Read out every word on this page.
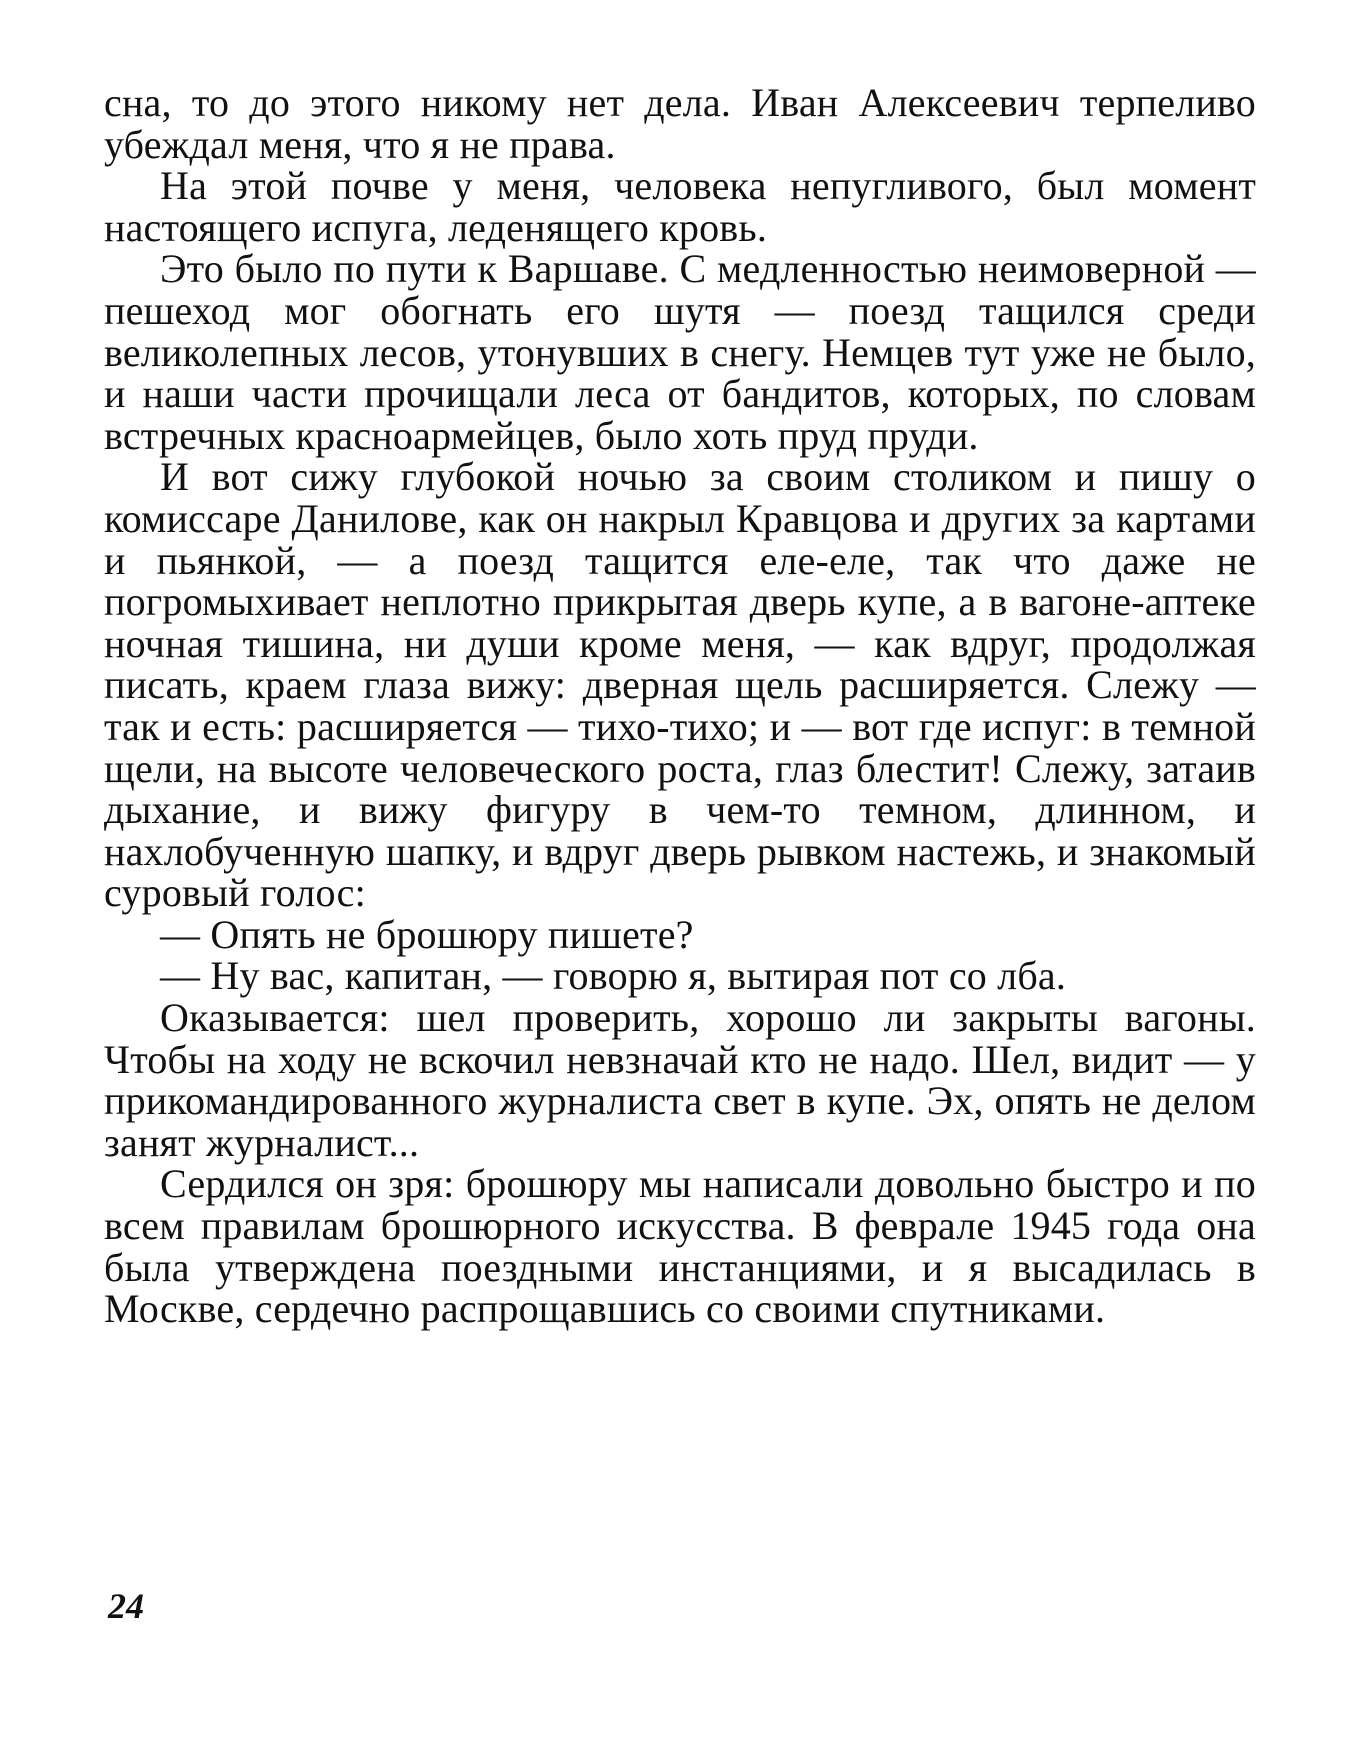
сна, то до этого никому нет дела. Иван Алексеевич терпеливо убеждал меня, что я не права.

На этой почве у меня, человека непугливого, был момент настоящего испуга, леденящего кровь.

Это было по пути к Варшаве. С медленностью неимоверной — пешеход мог обогнать его шутя — поезд тащился среди великолепных лесов, утонувших в снегу. Немцев тут уже не было, и наши части прочищали леса от бандитов, которых, по словам встречных красноармейцев, было хоть пруд пруди.

И вот сижу глубокой ночью за своим столиком и пишу о комиссаре Данилове, как он накрыл Кравцова и других за картами и пьянкой, — а поезд тащится еле-еле, так что даже не погромыхивает неплотно прикрытая дверь купе, а в вагоне-аптеке ночная тишина, ни души кроме меня, — как вдруг, продолжая писать, краем глаза вижу: дверная щель расширяется. Слежу — так и есть: расширяется — тихо-тихо; и — вот где испуг: в темной щели, на высоте человеческого роста, глаз блестит! Слежу, затаив дыхание, и вижу фигуру в чем-то темном, длинном, и нахлобученную шапку, и вдруг дверь рывком настежь, и знакомый суровый голос:

— Опять не брошюру пишете?

— Ну вас, капитан, — говорю я, вытирая пот со лба.

Оказывается: шел проверить, хорошо ли закрыты вагоны. Чтобы на ходу не вскочил невзначай кто не надо. Шел, видит — у прикомандированного журналиста свет в купе. Эх, опять не делом занят журналист...

Сердился он зря: брошюру мы написали довольно быстро и по всем правилам брошюрного искусства. В феврале 1945 года она была утверждена поездными инстанциями, и я высадилась в Москве, сердечно распрощавшись со своими спутниками.

24
